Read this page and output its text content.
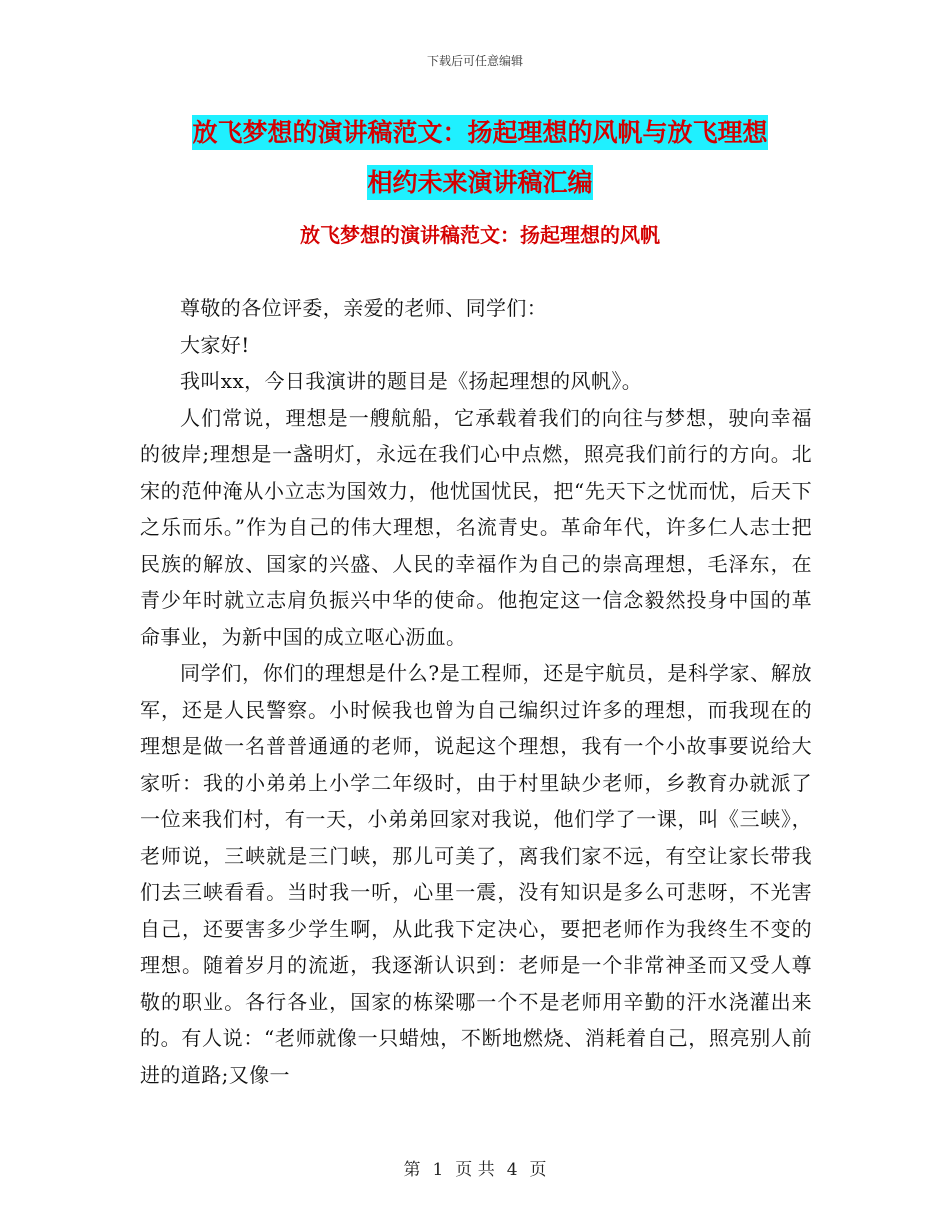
下载后可任意编辑
放飞梦想的演讲稿范文：扬起理想的风帆与放飞理想
相约未来演讲稿汇编
放飞梦想的演讲稿范文：扬起理想的风帆

尊敬的各位评委，亲爱的老师、同学们：

大家好!

我叫xx，今日我演讲的题目是《扬起理想的风帆》。

人们常说，理想是一艘航船，它承载着我们的向往与梦想，驶向幸福的彼岸;理想是一盏明灯，永远在我们心中点燃，照亮我们前行的方向。北宋的范仲淹从小立志为国效力，他忧国忧民，把“先天下之忧而忧，后天下之乐而乐。”作为自己的伟大理想，名流青史。革命年代，许多仁人志士把民族的解放、国家的兴盛、人民的幸福作为自己的崇高理想，毛泽东，在青少年时就立志肩负振兴中华的使命。他抱定这一信念毅然投身中国的革命事业，为新中国的成立呕心沥血。

同学们，你们的理想是什么?是工程师，还是宇航员，是科学家、解放军，还是人民警察。小时候我也曾为自己编织过许多的理想，而我现在的理想是做一名普普通通的老师，说起这个理想，我有一个小故事要说给大家听：我的小弟弟上小学二年级时，由于村里缺少老师，乡教育办就派了一位来我们村，有一天，小弟弟回家对我说，他们学了一课，叫《三峡》，老师说，三峡就是三门峡，那儿可美了，离我们家不远，有空让家长带我们去三峡看看。当时我一听，心里一震，没有知识是多么可悲呀，不光害自己，还要害多少学生啊，从此我下定决心，要把老师作为我终生不变的理想。随着岁月的流逝，我逐渐认识到：老师是一个非常神圣而又受人尊敬的职业。各行各业，国家的栋梁哪一个不是老师用辛勤的汗水浇灌出来的。有人说：“老师就像一只蜡烛，不断地燃烧、消耗着自己，照亮别人前进的道路;又像一

第 1 页 共 4 页
